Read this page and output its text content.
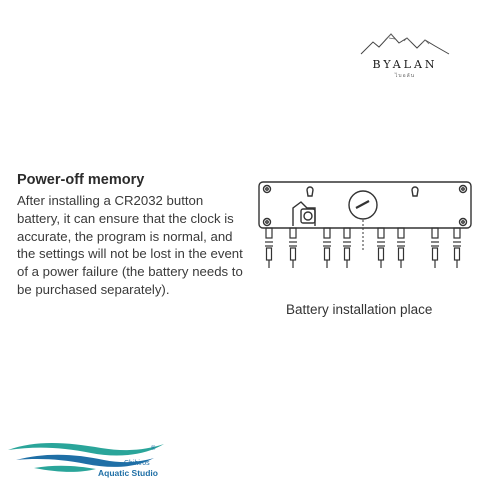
BYALAN
ไบอลัน
Power-off memory
After installing a CR2032 button battery, it can ensure that the clock is accurate, the program is normal, and the settings will not be lost in the event of a power failure (the battery needs to be purchased separately).
Battery installation place
®
Chihiros
Aquatic Studio
